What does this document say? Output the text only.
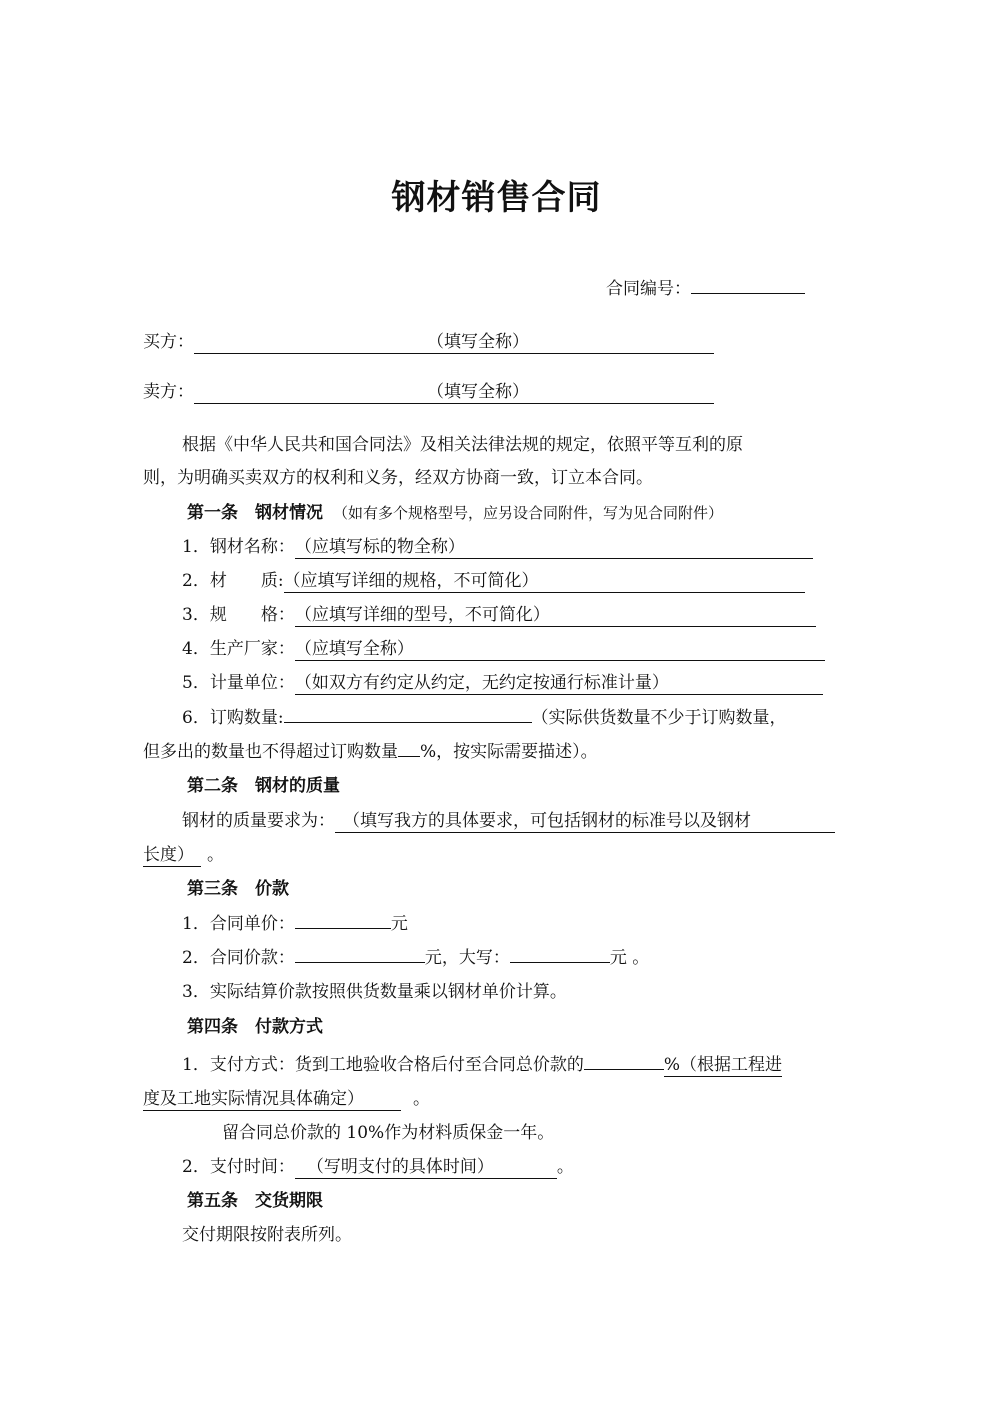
钢材销售合同
合同编号：
买方：	（填写全称）
卖方：	（填写全称）
根据《中华人民共和国合同法》及相关法律法规的规定，依照平等互利的原
则，为明确买卖双方的权利和义务，经双方协商一致，订立本合同。
第一条　钢材情况 （如有多个规格型号，应另设合同附件，写为见合同附件）
1．钢材名称：（应填写标的物全称）
2．材　　质:（应填写详细的规格，不可简化）
3．规　　格：（应填写详细的型号，不可简化）
4．生产厂家：（应填写全称）
5．计量单位：（如双方有约定从约定，无约定按通行标准计量）
6．订购数量:	（实际供货数量不少于订购数量，
但多出的数量也不得超过订购数量 %，按实际需要描述）。
第二条　钢材的质量
钢材的质量要求为： （填写我方的具体要求，可包括钢材的标准号以及钢材
长度） 。
第三条　价款
1．合同单价：	元
2．合同价款：	元，大写：	元 。
3．实际结算价款按照供货数量乘以钢材单价计算。
第四条　付款方式
1．支付方式：货到工地验收合格后付至合同总价款的	%（根据工程进
度及工地实际情况具体确定）	。
留合同总价款的 10%作为材料质保金一年。
2．支付时间： （写明支付的具体时间）	。
第五条　交货期限
交付期限按附表所列。
